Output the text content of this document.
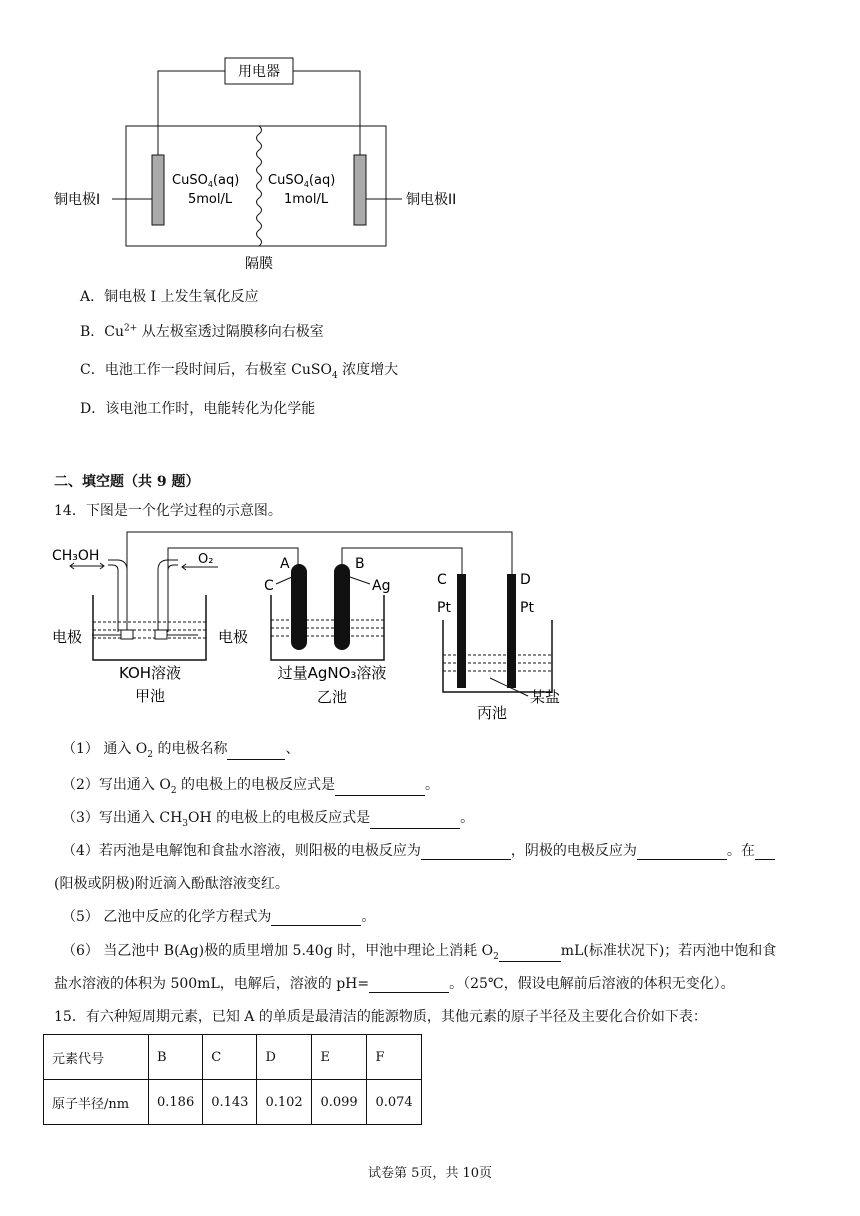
用电器
CuSO$_4$(aq)
5mol/L
CuSO$_4$(aq)
1mol/L
铜电极I	铜电极II
隔膜
A．铜电极 I 上发生氧化反应
B．$Cu^{2+}$ 从左极室透过隔膜移向右极室
C．电池工作一段时间后，右极室 CuSO$_4$ 浓度增大
D．该电池工作时，电能转化为化学能
二、填空题（共 9 题）
14．下图是一个化学过程的示意图。
CH₃OH	O₂
电极	电极
KOH溶液
甲池
A
C
B
Ag
过量AgNO₃溶液
乙池
C	D
Pt	Pt
某盐
丙池
（1） 通入 $O_2$ 的电极名称	、
（2）写出通入 $O_2$ 的电极上的电极反应式是	。
（3）写出通入 $CH_3OH$ 的电极上的电极反应式是	。
（4）若丙池是电解饱和食盐水溶液，则阳极的电极反应为	，阴极的电极反应为	。在
(阳极或阴极)附近滴入酚酞溶液变红。
（5） 乙池中反应的化学方程式为	。
（6） 当乙池中 B(Ag)极的质里增加 5.40g 时，甲池中理论上消耗 $O_2$	mL(标准状况下)；若丙池中饱和食
盐水溶液的体积为 500mL，电解后，溶液的 pH=	。（25℃，假设电解前后溶液的体积无变化）。
15．有六种短周期元素，已知 A 的单质是最清洁的能源物质，其他元素的原子半径及主要化合价如下表：
元素代号	B	C	D	E	F
原子半径/nm	0.186	0.143	0.102	0.099	0.074
试卷第 5页，共 10页
